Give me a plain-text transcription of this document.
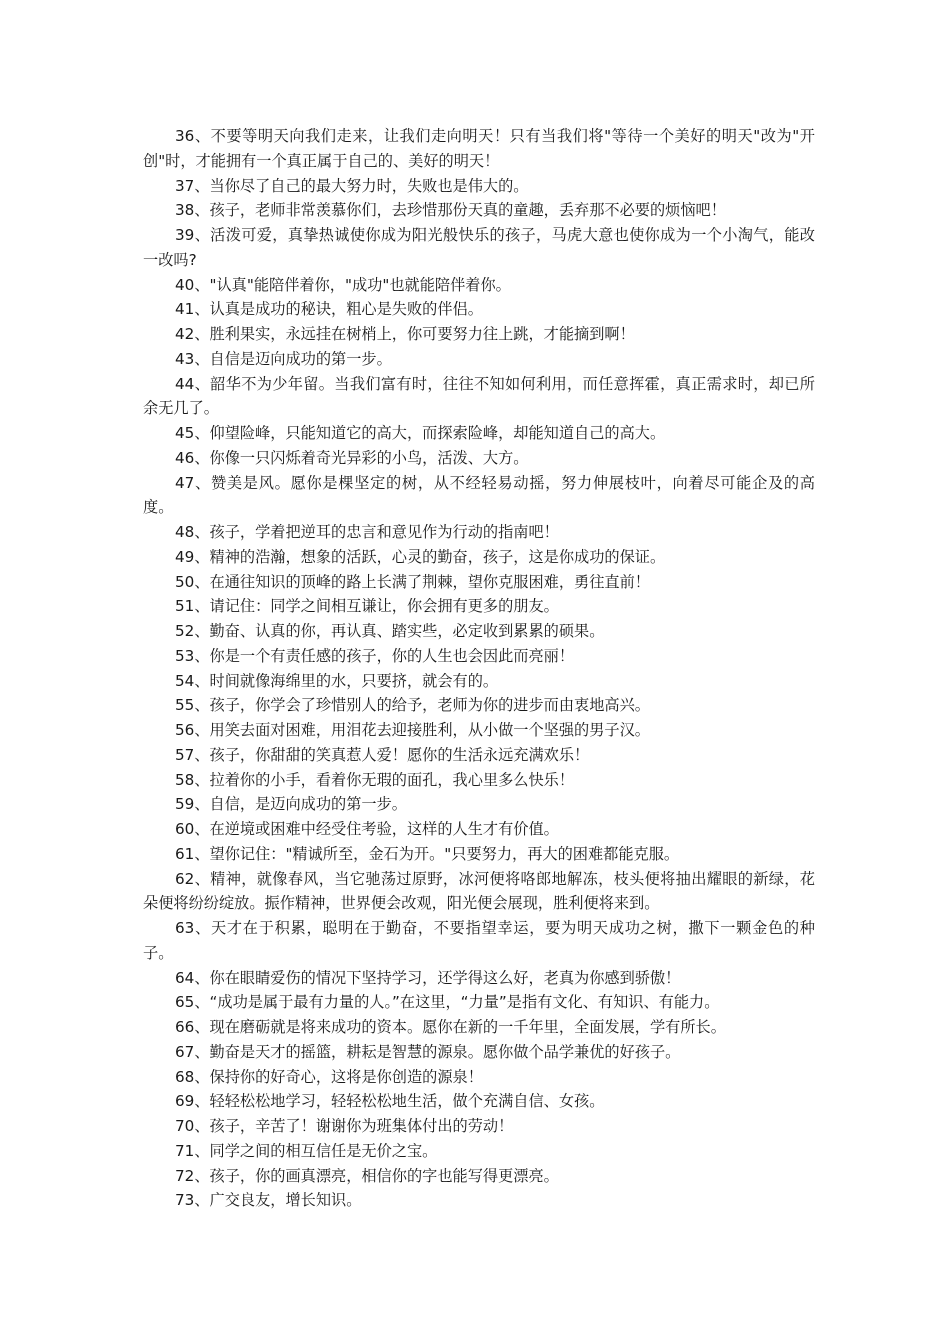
36、不要等明天向我们走来，让我们走向明天！只有当我们将"等待一个美好的明天"改为"开创"时，才能拥有一个真正属于自己的、美好的明天！

37、当你尽了自己的最大努力时，失败也是伟大的。

38、孩子，老师非常羡慕你们，去珍惜那份天真的童趣，丢弃那不必要的烦恼吧！

39、活泼可爱，真挚热诚使你成为阳光般快乐的孩子，马虎大意也使你成为一个小淘气，能改一改吗?

40、"认真"能陪伴着你，"成功"也就能陪伴着你。

41、认真是成功的秘诀，粗心是失败的伴侣。

42、胜利果实，永远挂在树梢上，你可要努力往上跳，才能摘到啊！

43、自信是迈向成功的第一步。

44、韶华不为少年留。当我们富有时，往往不知如何利用，而任意挥霍，真正需求时，却已所余无几了。

45、仰望险峰，只能知道它的高大，而探索险峰，却能知道自己的高大。

46、你像一只闪烁着奇光异彩的小鸟，活泼、大方。

47、赞美是风。愿你是棵坚定的树，从不经轻易动摇，努力伸展枝叶，向着尽可能企及的高度。

48、孩子，学着把逆耳的忠言和意见作为行动的指南吧！

49、精神的浩瀚，想象的活跃，心灵的勤奋，孩子，这是你成功的保证。

50、在通往知识的顶峰的路上长满了荆棘，望你克服困难，勇往直前！

51、请记住：同学之间相互谦让，你会拥有更多的朋友。

52、勤奋、认真的你，再认真、踏实些，必定收到累累的硕果。

53、你是一个有责任感的孩子，你的人生也会因此而亮丽！

54、时间就像海绵里的水，只要挤，就会有的。

55、孩子，你学会了珍惜别人的给予，老师为你的进步而由衷地高兴。

56、用笑去面对困难，用泪花去迎接胜利，从小做一个坚强的男子汉。

57、孩子，你甜甜的笑真惹人爱！愿你的生活永远充满欢乐！

58、拉着你的小手，看着你无瑕的面孔，我心里多么快乐！

59、自信，是迈向成功的第一步。

60、在逆境或困难中经受住考验，这样的人生才有价值。

61、望你记住："精诚所至，金石为开。"只要努力，再大的困难都能克服。

62、精神，就像春风，当它驰荡过原野，冰河便将咯郎地解冻，枝头便将抽出耀眼的新绿，花朵便将纷纷绽放。振作精神，世界便会改观，阳光便会展现，胜利便将来到。

63、天才在于积累，聪明在于勤奋，不要指望幸运，要为明天成功之树，撒下一颗金色的种子。

64、你在眼睛爱伤的情况下坚持学习，还学得这么好，老真为你感到骄傲！

65、“成功是属于最有力量的人。”在这里，“力量”是指有文化、有知识、有能力。

66、现在磨砺就是将来成功的资本。愿你在新的一千年里，全面发展，学有所长。

67、勤奋是天才的摇篮，耕耘是智慧的源泉。愿你做个品学兼优的好孩子。

68、保持你的好奇心，这将是你创造的源泉！

69、轻轻松松地学习，轻轻松松地生活，做个充满自信、女孩。

70、孩子，辛苦了！谢谢你为班集体付出的劳动！

71、同学之间的相互信任是无价之宝。

72、孩子，你的画真漂亮，相信你的字也能写得更漂亮。

73、广交良友，增长知识。
